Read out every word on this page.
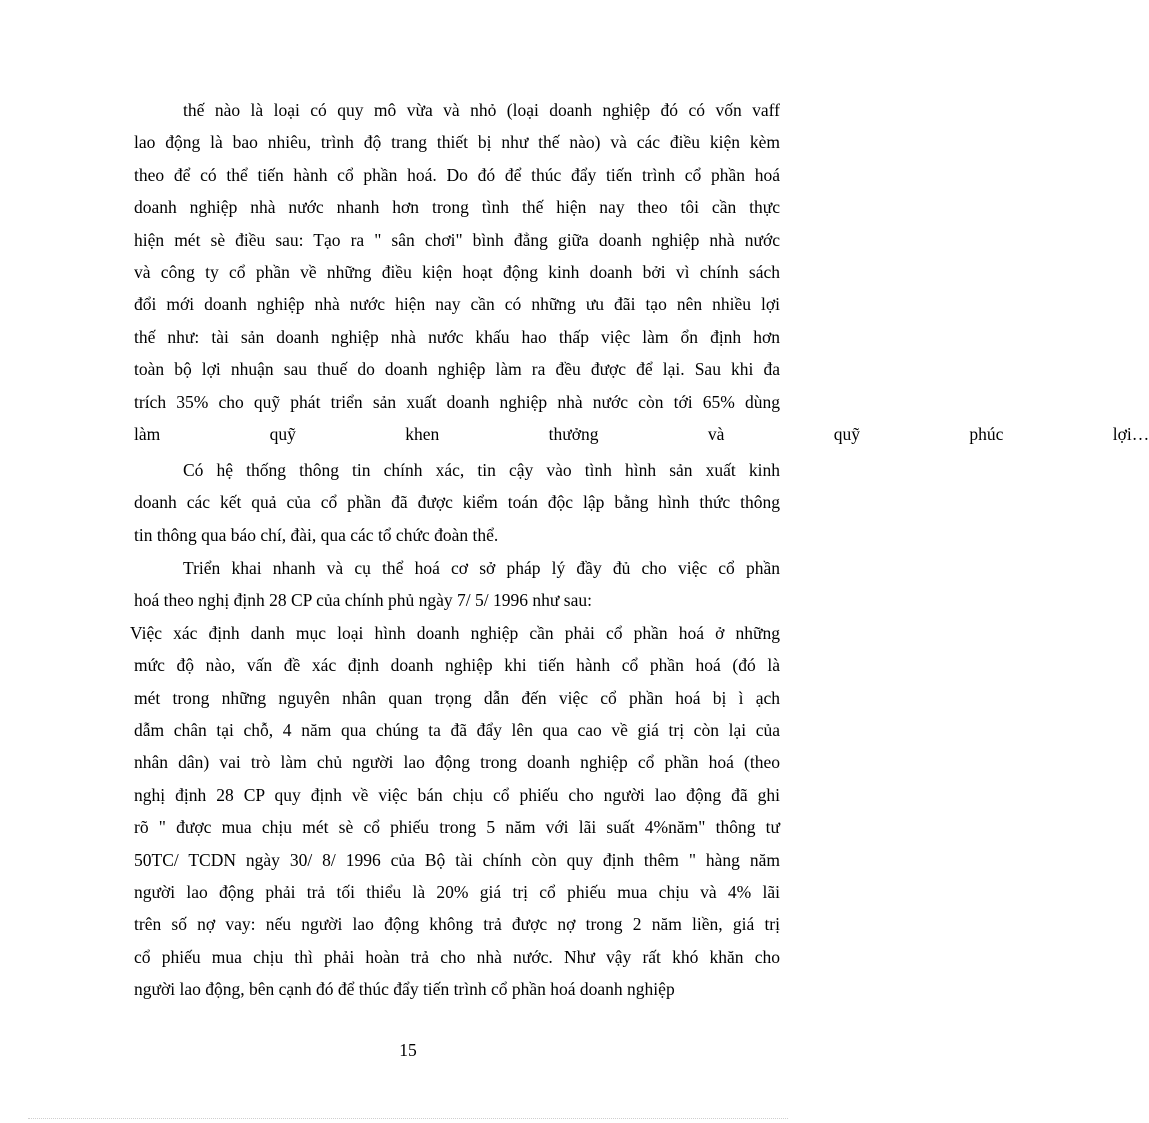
thế nào là loại có quy mô vừa và nhỏ (loại doanh nghiệp đó có vốn vaff
lao động là bao nhiêu, trình độ trang thiết bị như thế nào) và các điều kiện kèm
theo để có thể tiến hành cổ phần hoá. Do đó để thúc đẩy tiến trình cổ phần hoá
doanh nghiệp nhà nước nhanh hơn trong tình thế hiện nay theo tôi cần thực
hiện mét sè điều sau: Tạo ra " sân chơi" bình đẳng giữa doanh nghiệp nhà nước
và công ty cổ phần về những điều kiện hoạt động kinh doanh bởi vì chính sách
đổi mới doanh nghiệp nhà nước hiện nay cần có những ưu đãi tạo nên nhiều lợi
thế như: tài sản doanh nghiệp nhà nước khấu hao thấp việc làm ổn định hơn
toàn bộ lợi nhuận sau thuế do doanh nghiệp làm ra đều được để lại. Sau khi đa
trích 35% cho quỹ phát triển sản xuất doanh nghiệp nhà nước còn tới 65% dùng
làm quỹ khen thưởng và quỹ phúc lợi…
Có hệ thống thông tin chính xác, tin cậy vào tình hình sản xuất kinh
doanh các kết quả của cổ phần đã được kiểm toán độc lập bằng hình thức thông
tin thông qua báo chí, đài, qua các tổ chức đoàn thể.
Triển khai nhanh và cụ thể hoá cơ sở pháp lý đầy đủ cho việc cổ phần
hoá theo nghị định 28 CP của chính phủ ngày 7/ 5/ 1996 như sau:
Việc xác định danh mục loại hình doanh nghiệp cần phải cổ phần hoá ở những
mức độ nào, vấn đề xác định doanh nghiệp khi tiến hành cổ phần hoá (đó là
mét trong những nguyên nhân quan trọng dẫn đến việc cổ phần hoá bị ì ạch
dẫm chân tại chỗ, 4 năm qua chúng ta đã đẩy lên qua cao về giá trị còn lại của
nhân dân) vai trò làm chủ người lao động trong doanh nghiệp cổ phần hoá (theo
nghị định 28 CP quy định về việc bán chịu cổ phiếu cho người lao động đã ghi
rõ " được mua chịu mét sè cổ phiếu trong 5 năm với lãi suất 4%năm" thông tư
50TC/ TCDN ngày 30/ 8/ 1996 của Bộ tài chính còn quy định thêm " hàng năm
người lao động phải trả tối thiểu là 20% giá trị cổ phiếu mua chịu và 4% lãi
trên số nợ vay: nếu người lao động không trả được nợ trong 2 năm liền, giá trị
cổ phiếu mua chịu thì phải hoàn trả cho nhà nước. Như vậy rất khó khăn cho
người lao động, bên cạnh đó để thúc đẩy tiến trình cổ phần hoá doanh nghiệp
15
